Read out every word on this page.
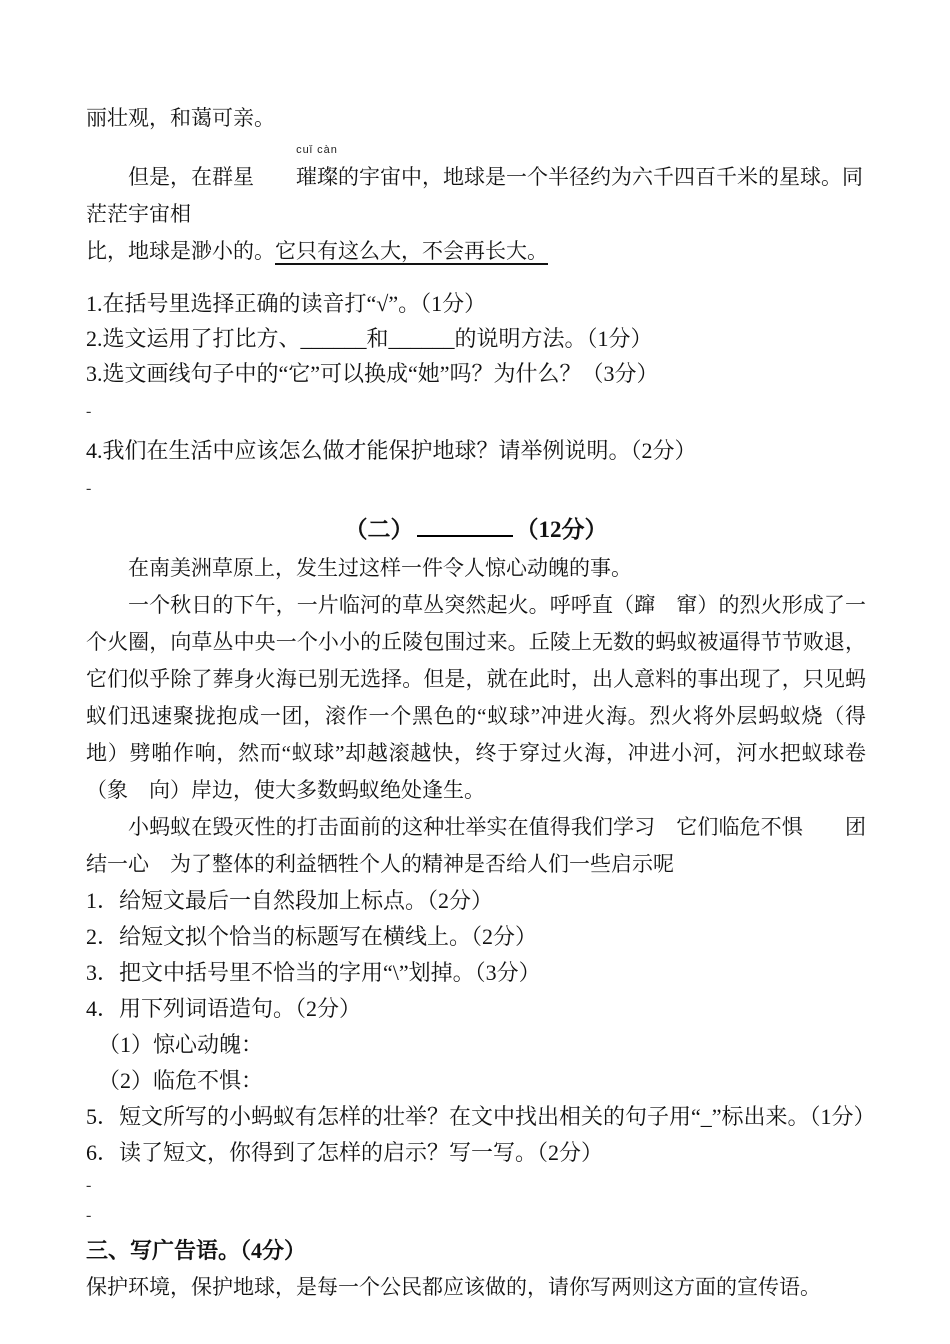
丽壮观，和蔼可亲。
但是，在群星
cuǐ càn
璀璨的宇宙中，地球是一个半径约为六千四百千米的星球。同茫茫宇宙相
比，地球是渺小的。它只有这么大，不会再长大。
1.在括号里选择正确的读音打“√”。（1分）
2.选文运用了打比方、______和______的说明方法。（1分）
3.选文画线句子中的“它”可以换成“她”吗？为什么？（3分）
-
4.我们在生活中应该怎么做才能保护地球？请举例说明。（2分）
-
（二）	（12分）
在南美洲草原上，发生过这样一件令人惊心动魄的事。
一个秋日的下午，一片临河的草丛突然起火。呼呼直（蹿　窜）的烈火形成了一个火圈，向草丛中央一个小小的丘陵包围过来。丘陵上无数的蚂蚁被逼得节节败退，它们似乎除了葬身火海已别无选择。但是，就在此时，出人意料的事出现了，只见蚂蚁们迅速聚拢抱成一团，滚作一个黑色的“蚁球”冲进火海。烈火将外层蚂蚁烧（得　地）劈啪作响，然而“蚁球”却越滚越快，终于穿过火海，冲进小河，河水把蚁球卷（象　向）岸边，使大多数蚂蚁绝处逢生。
小蚂蚁在毁灭性的打击面前的这种壮举实在值得我们学习　它们临危不惧　　团结一心　为了整体的利益牺牲个人的精神是否给人们一些启示呢
1．给短文最后一自然段加上标点。（2分）
2．给短文拟个恰当的标题写在横线上。（2分）
3．把文中括号里不恰当的字用“\”划掉。（3分）
4．用下列词语造句。（2分）
（1）惊心动魄：
（2）临危不惧：
5．短文所写的小蚂蚁有怎样的壮举？在文中找出相关的句子用“_”标出来。（1分）
6．读了短文，你得到了怎样的启示？写一写。（2分）
-
-
三、写广告语。（4分）
保护环境，保护地球，是每一个公民都应该做的，请你写两则这方面的宣传语。
